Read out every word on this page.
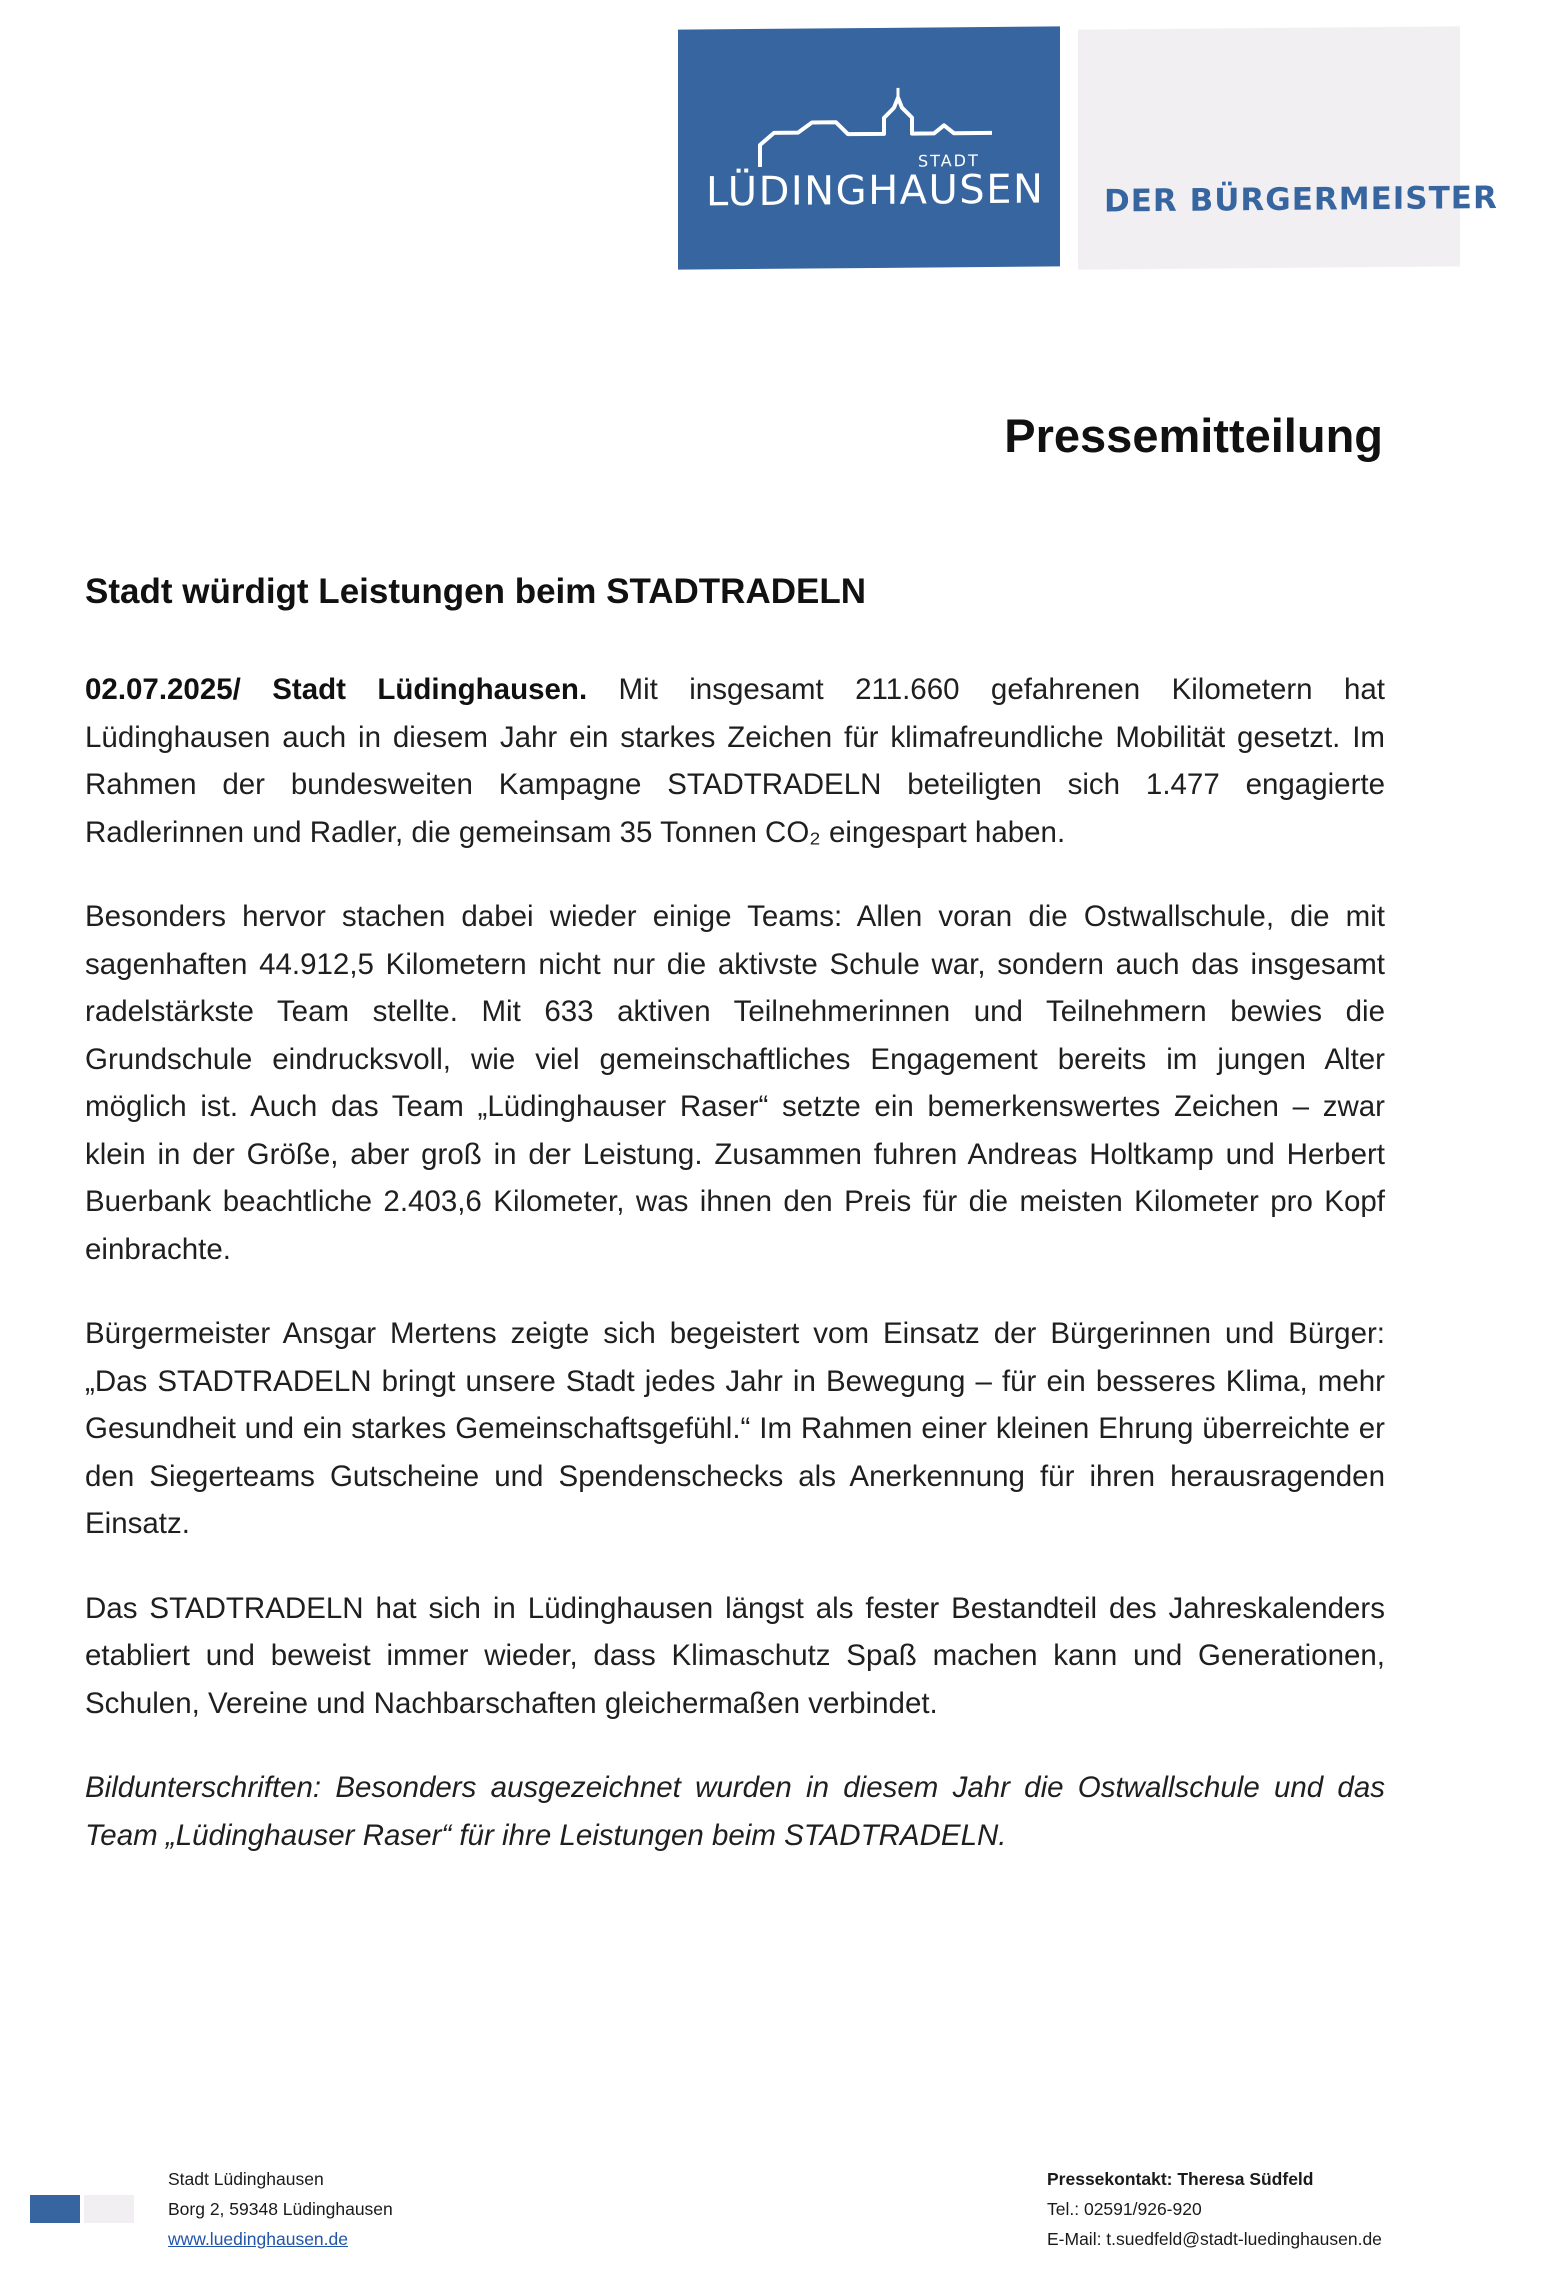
STADT
LÜDINGHAUSEN DER BÜRGERMEISTER
Pressemitteilung
Stadt würdigt Leistungen beim STADTRADELN

02.07.2025/ Stadt Lüdinghausen. Mit insgesamt 211.660 gefahrenen Kilometern hat Lüdinghausen auch in diesem Jahr ein starkes Zeichen für klimafreundliche Mobilität gesetzt. Im Rahmen der bundesweiten Kampagne STADTRADELN beteiligten sich 1.477 engagierte Radlerinnen und Radler, die gemeinsam 35 Tonnen CO₂ eingespart haben.

Besonders hervor stachen dabei wieder einige Teams: Allen voran die Ostwallschule, die mit sagenhaften 44.912,5 Kilometern nicht nur die aktivste Schule war, sondern auch das insgesamt radelstärkste Team stellte. Mit 633 aktiven Teilnehmerinnen und Teilnehmern bewies die Grundschule eindrucksvoll, wie viel gemeinschaftliches Engagement bereits im jungen Alter möglich ist. Auch das Team „Lüdinghauser Raser“ setzte ein bemerkenswertes Zeichen – zwar klein in der Größe, aber groß in der Leistung. Zusammen fuhren Andreas Holtkamp und Herbert Buerbank beachtliche 2.403,6 Kilometer, was ihnen den Preis für die meisten Kilometer pro Kopf einbrachte.

Bürgermeister Ansgar Mertens zeigte sich begeistert vom Einsatz der Bürgerinnen und Bürger: „Das STADTRADELN bringt unsere Stadt jedes Jahr in Bewegung – für ein besseres Klima, mehr Gesundheit und ein starkes Gemeinschaftsgefühl.“ Im Rahmen einer kleinen Ehrung überreichte er den Siegerteams Gutscheine und Spendenschecks als Anerkennung für ihren herausragenden Einsatz.

Das STADTRADELN hat sich in Lüdinghausen längst als fester Bestandteil des Jahreskalenders etabliert und beweist immer wieder, dass Klimaschutz Spaß machen kann und Generationen, Schulen, Vereine und Nachbarschaften gleichermaßen verbindet.

Bildunterschriften: Besonders ausgezeichnet wurden in diesem Jahr die Ostwallschule und das Team „Lüdinghauser Raser“ für ihre Leistungen beim STADTRADELN.

Stadt Lüdinghausen
Borg 2, 59348 Lüdinghausen
www.luedinghausen.de
Pressekontakt: Theresa Südfeld
Tel.: 02591/926-920
E-Mail: t.suedfeld@stadt-luedinghausen.de
